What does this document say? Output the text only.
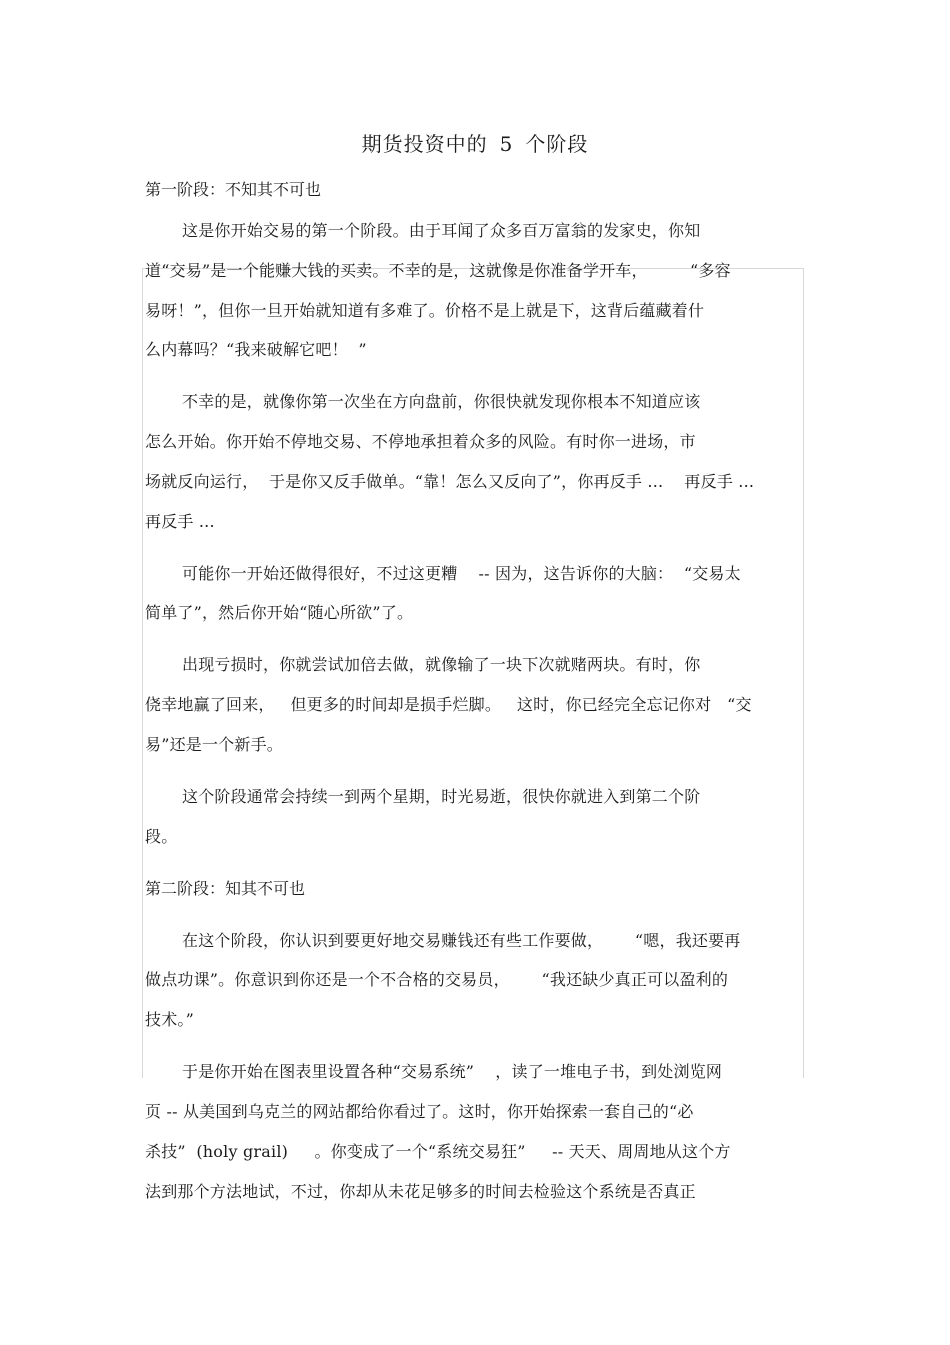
期货投资中的 5 个阶段
第一阶段：不知其不可也
这是你开始交易的第一个阶段。由于耳闻了众多百万富翁的发家史，你知
道“交易”是一个能赚大钱的买卖。不幸的是，这就像是你准备学开车，        “多容
易呀！”，但你一旦开始就知道有多难了。价格不是上就是下，这背后蕴藏着什
么内幕吗？“我来破解它吧！  ”
不幸的是，就像你第一次坐在方向盘前，你很快就发现你根本不知道应该
怎么开始。你开始不停地交易、不停地承担着众多的风险。有时你一进场，市
场就反向运行，  于是你又反手做单。“靠！怎么又反向了”，你再反手 ...    再反手 ...
再反手 ...
可能你一开始还做得很好，不过这更糟    -- 因为，这告诉你的大脑：  “交易太
简单了”，然后你开始“随心所欲”了。
出现亏损时，你就尝试加倍去做，就像输了一块下次就赌两块。有时，你
侥幸地赢了回来，   但更多的时间却是损手烂脚。   这时，你已经完全忘记你对   “交
易”还是一个新手。
这个阶段通常会持续一到两个星期，时光易逝，很快你就进入到第二个阶
段。
第二阶段：知其不可也
在这个阶段，你认识到要更好地交易赚钱还有些工作要做，      “嗯，我还要再
做点功课”。你意识到你还是一个不合格的交易员，      “我还缺少真正可以盈利的
技术。”
于是你开始在图表里设置各种“交易系统”    ，读了一堆电子书，到处浏览网
页 -- 从美国到乌克兰的网站都给你看过了。这时，你开始探索一套自己的“必
杀技”  (holy grail)     。你变成了一个“系统交易狂”     -- 天天、周周地从这个方
法到那个方法地试，不过，你却从未花足够多的时间去检验这个系统是否真正
